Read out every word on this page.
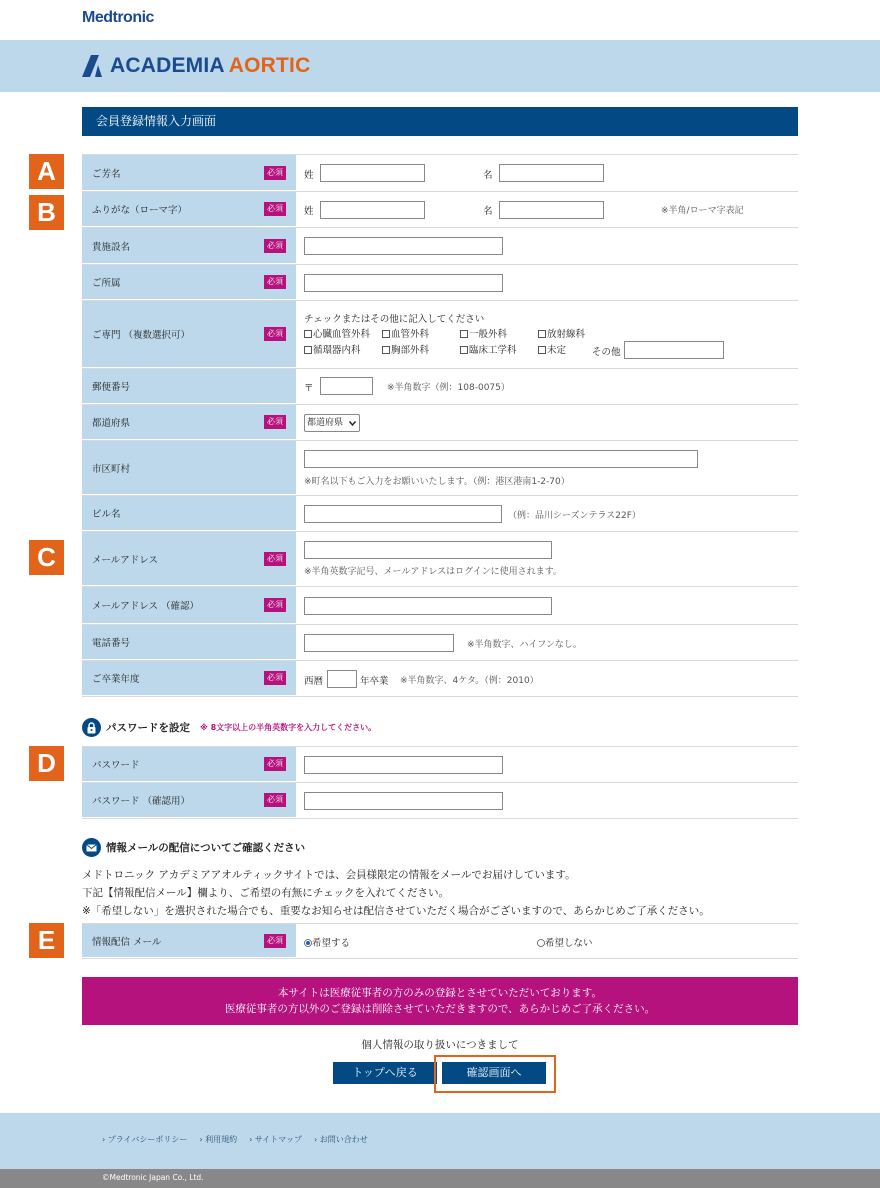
Medtronic
ACADEMIA AORTIC
会員登録情報入力画面
A
B
C
D
E
ご芳名	必須	姓	名
ふりがな（ローマ字）	必須	姓	名	※半角/ローマ字表記
貴施設名	必須
ご所属	必須
ご専門 （複数選択可）	必須
チェックまたはその他に記入してください
心臓血管外科	血管外科	一般外科	放射線科
循環器内科	胸部外科	臨床工学科	未定	その他
郵便番号	〒	※半角数字（例：108-0075）
都道府県	必須	都道府県
市区町村
※町名以下もご入力をお願いいたします。（例：港区港南1-2-70）
ビル名	（例：品川シーズンテラス22F）
メールアドレス	必須
※半角英数字記号、メールアドレスはログインに使用されます。
メールアドレス （確認）	必須
電話番号	※半角数字、ハイフンなし。
ご卒業年度	必須	西暦	年卒業 ※半角数字、4ケタ。（例：2010）
パスワードを設定 ※ 8文字以上の半角英数字を入力してください。
パスワード	必須
パスワード （確認用）	必須
情報メールの配信についてご確認ください
メドトロニック アカデミアアオルティックサイトでは、会員様限定の情報をメールでお届けしています。
下記【情報配信メール】欄より、ご希望の有無にチェックを入れてください。
※「希望しない」を選択された場合でも、重要なお知らせは配信させていただく場合がございますので、あらかじめご了承ください。
情報配信 メール	必須	希望する	希望しない
本サイトは医療従事者の方のみの登録とさせていただいております。
医療従事者の方以外のご登録は削除させていただきますので、あらかじめご了承ください。
個人情報の取り扱いにつきまして
トップへ戻る	確認画面へ
› プライバシーポリシー › 利用規約 › サイトマップ › お問い合わせ
©Medtronic Japan Co., Ltd.
